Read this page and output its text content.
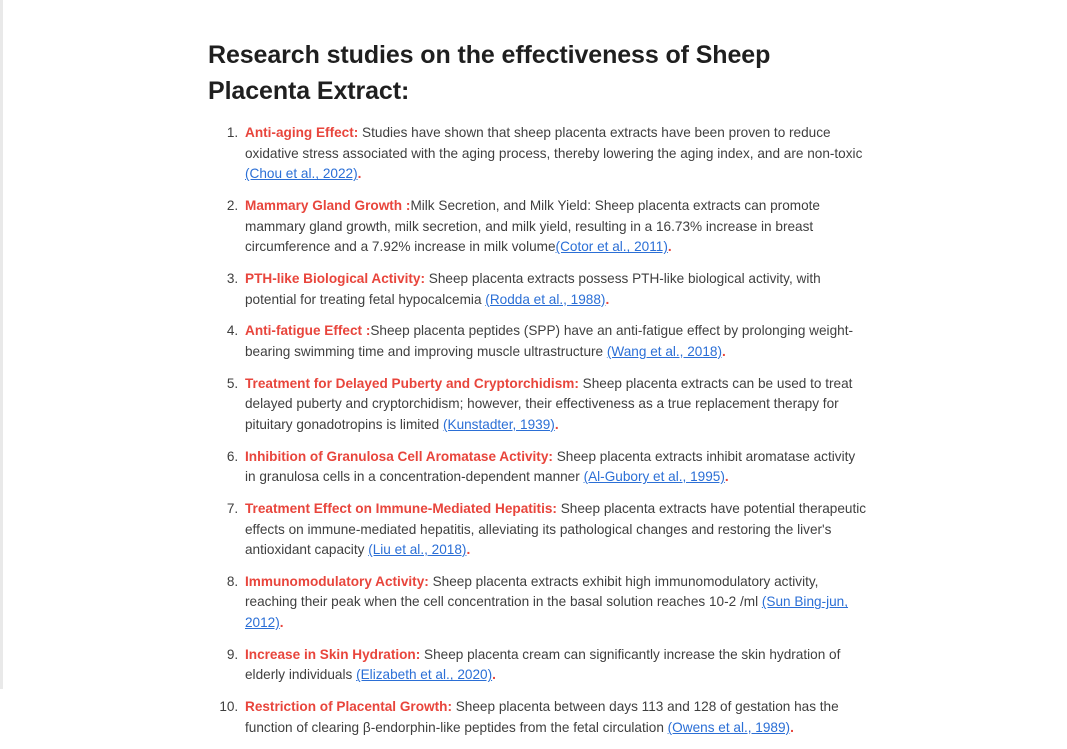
Research studies on the effectiveness of Sheep Placenta Extract:
1. Anti-aging Effect: Studies have shown that sheep placenta extracts have been proven to reduce oxidative stress associated with the aging process, thereby lowering the aging index, and are non-toxic (Chou et al., 2022).
2. Mammary Gland Growth :Milk Secretion, and Milk Yield: Sheep placenta extracts can promote mammary gland growth, milk secretion, and milk yield, resulting in a 16.73% increase in breast circumference and a 7.92% increase in milk volume(Cotor et al., 2011).
3. PTH-like Biological Activity: Sheep placenta extracts possess PTH-like biological activity, with potential for treating fetal hypocalcemia (Rodda et al., 1988).
4. Anti-fatigue Effect :Sheep placenta peptides (SPP) have an anti-fatigue effect by prolonging weight-bearing swimming time and improving muscle ultrastructure (Wang et al., 2018).
5. Treatment for Delayed Puberty and Cryptorchidism: Sheep placenta extracts can be used to treat delayed puberty and cryptorchidism; however, their effectiveness as a true replacement therapy for pituitary gonadotropins is limited (Kunstadter, 1939).
6. Inhibition of Granulosa Cell Aromatase Activity: Sheep placenta extracts inhibit aromatase activity in granulosa cells in a concentration-dependent manner (Al-Gubory et al., 1995).
7. Treatment Effect on Immune-Mediated Hepatitis: Sheep placenta extracts have potential therapeutic effects on immune-mediated hepatitis, alleviating its pathological changes and restoring the liver's antioxidant capacity (Liu et al., 2018).
8. Immunomodulatory Activity: Sheep placenta extracts exhibit high immunomodulatory activity, reaching their peak when the cell concentration in the basal solution reaches 10-2 /ml (Sun Bing-jun, 2012).
9. Increase in Skin Hydration: Sheep placenta cream can significantly increase the skin hydration of elderly individuals (Elizabeth et al., 2020).
10. Restriction of Placental Growth: Sheep placenta between days 113 and 128 of gestation has the function of clearing β-endorphin-like peptides from the fetal circulation (Owens et al., 1989).
